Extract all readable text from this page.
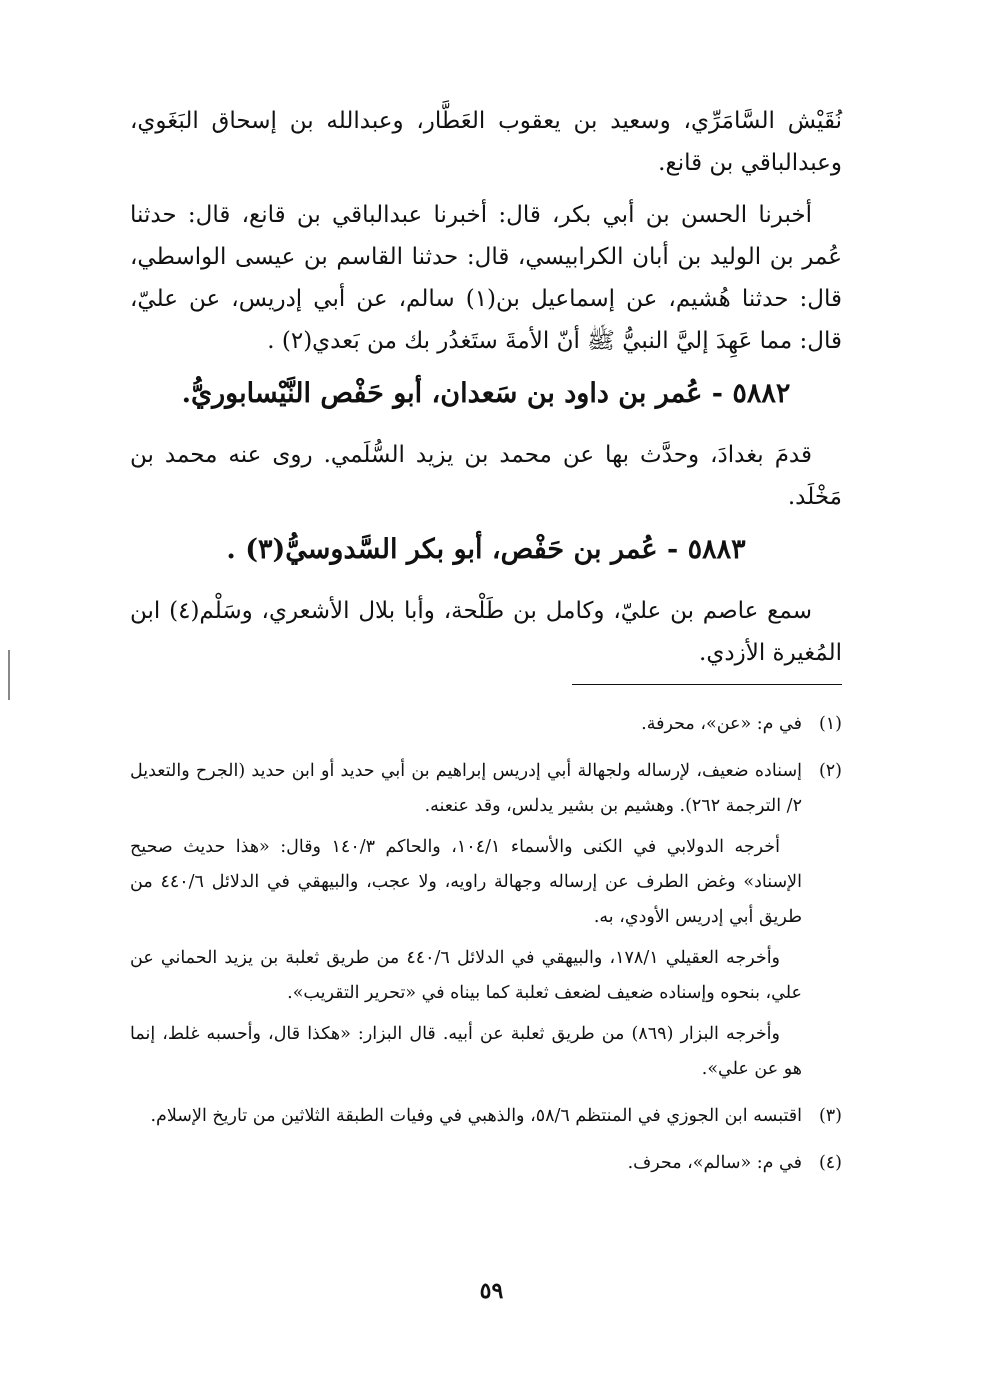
نُقَيْش السَّامَرِّي، وسعيد بن يعقوب العَطَّار، وعبدالله بن إسحاق البَغَوي، وعبدالباقي بن قانع.

أخبرنا الحسن بن أبي بكر، قال: أخبرنا عبدالباقي بن قانع، قال: حدثنا عُمر بن الوليد بن أبان الكرابيسي، قال: حدثنا القاسم بن عيسى الواسطي، قال: حدثنا هُشيم، عن إسماعيل بن(١) سالم، عن أبي إدريس، عن عليّ، قال: مما عَهِدَ إليَّ النبيُّ ﷺ أنّ الأمةَ ستَغدُر بك من بَعدي(٢) .

٥٨٨٢ - عُمر بن داود بن سَعدان، أبو حَفْص النَّيْسابوريُّ.

قدمَ بغدادَ، وحدَّث بها عن محمد بن يزيد السُّلَمي. روى عنه محمد بن مَخْلَد.

٥٨٨٣ - عُمر بن حَفْص، أبو بكر السَّدوسيُّ(٣) .

سمع عاصم بن عليّ، وكامل بن طَلْحة، وأبا بلال الأشعري، وسَلْم(٤) ابن المُغيرة الأزدي.

(١)

في م: «عن»، محرفة.

(٢)

إسناده ضعيف، لإرساله ولجهالة أبي إدريس إبراهيم بن أبي حديد أو ابن حديد (الجرح والتعديل ٢/ الترجمة ٢٦٢). وهشيم بن بشير يدلس، وقد عنعنه.

أخرجه الدولابي في الكنى والأسماء ١٠٤/١، والحاكم ١٤٠/٣ وقال: «هذا حديث صحيح الإسناد» وغض الطرف عن إرساله وجهالة راويه، ولا عجب، والبيهقي في الدلائل ٤٤٠/٦ من طريق أبي إدريس الأودي، به.

وأخرجه العقيلي ١٧٨/١، والبيهقي في الدلائل ٤٤٠/٦ من طريق ثعلبة بن يزيد الحماني عن علي، بنحوه وإسناده ضعيف لضعف ثعلبة كما بيناه في «تحرير التقريب».

وأخرجه البزار (٨٦٩) من طريق ثعلبة عن أبيه. قال البزار: «هكذا قال، وأحسبه غلط، إنما هو عن علي».

(٣)

اقتبسه ابن الجوزي في المنتظم ٥٨/٦، والذهبي في وفيات الطبقة الثلاثين من تاريخ الإسلام.

(٤)

في م: «سالم»، محرف.

٥٩
